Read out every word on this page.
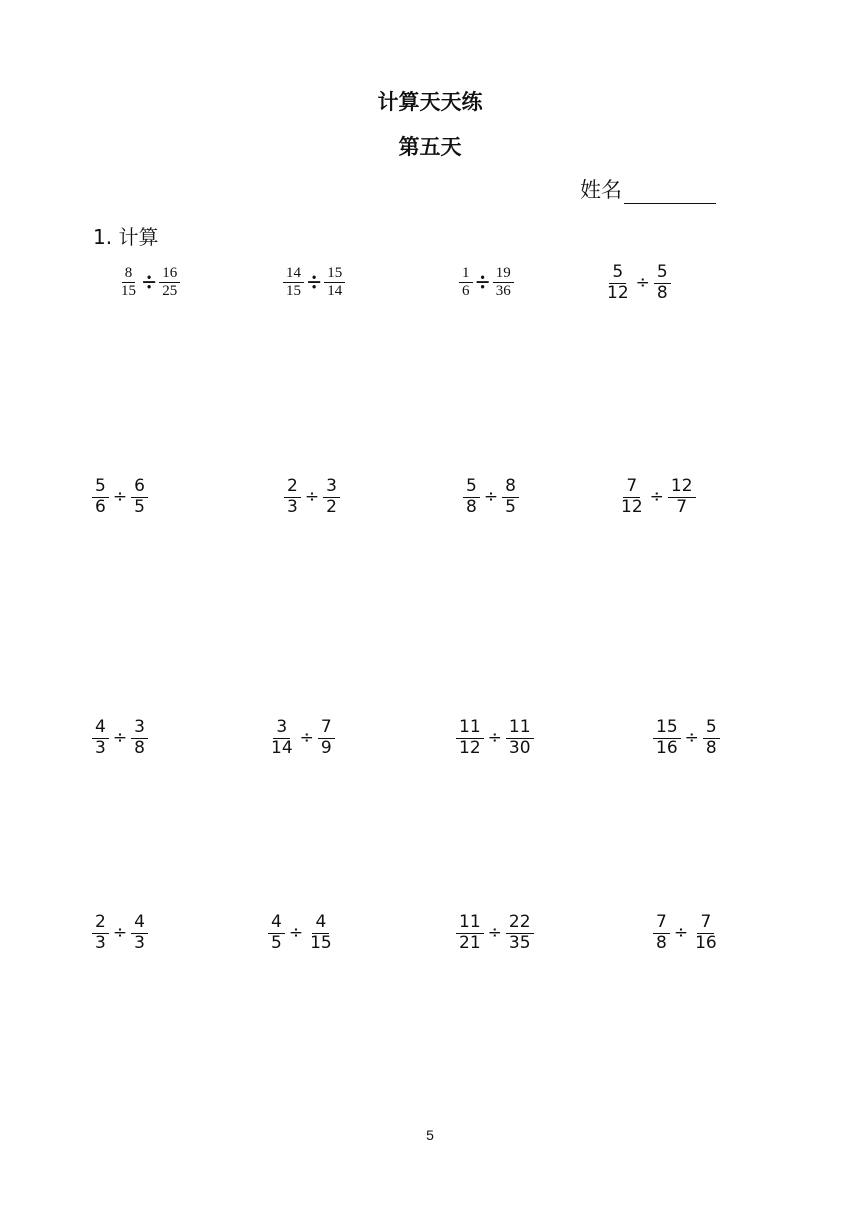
计算天天练
第五天
姓名
1. 计算
$\frac{8}{15} \div \frac{16}{25}$	$\frac{14}{15} \div \frac{15}{14}$	$\frac{1}{6} \div \frac{19}{36}$	$\frac{5}{12} \div \frac{5}{8}$
$\frac{5}{6} \div \frac{6}{5}$	$\frac{2}{3} \div \frac{3}{2}$	$\frac{5}{8} \div \frac{8}{5}$	$\frac{7}{12} \div \frac{12}{7}$
$\frac{4}{3} \div \frac{3}{8}$	$\frac{3}{14} \div \frac{7}{9}$	$\frac{11}{12} \div \frac{11}{30}$	$\frac{15}{16} \div \frac{5}{8}$
$\frac{2}{3} \div \frac{4}{3}$	$\frac{4}{5} \div \frac{4}{15}$	$\frac{11}{21} \div \frac{22}{35}$	$\frac{7}{8} \div \frac{7}{16}$
5
